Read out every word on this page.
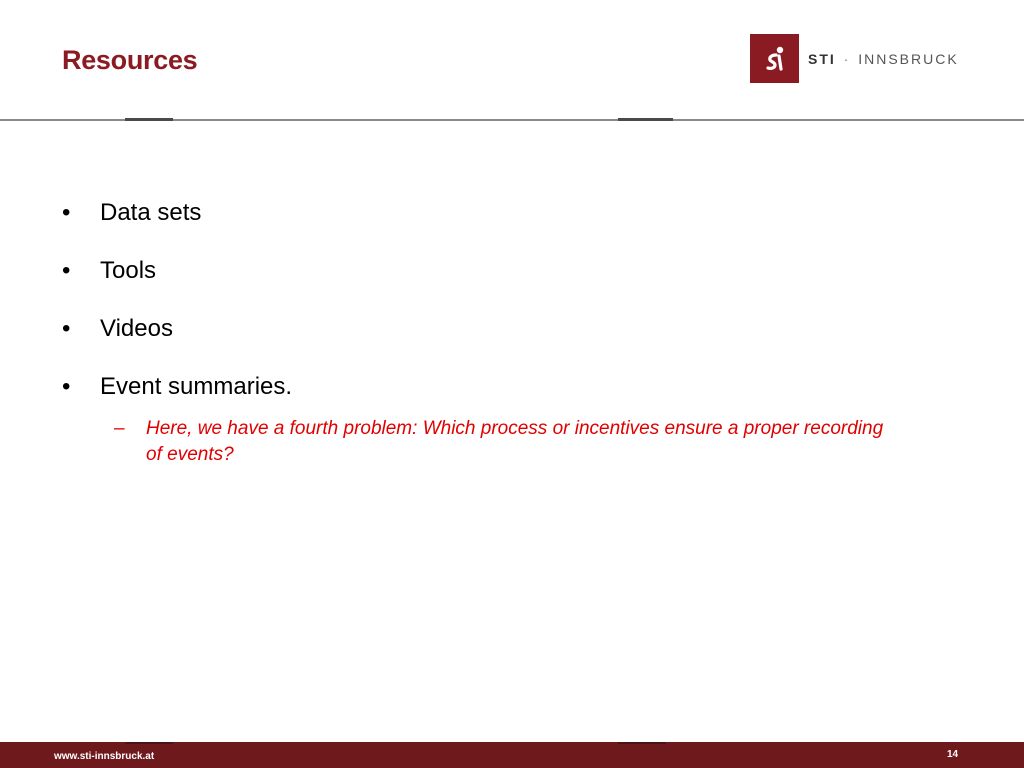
Resources	STI · INNSBRUCK
• Data sets
• Tools
• Videos
• Event summaries.
– Here, we have a fourth problem: Which process or incentives ensure a proper recording of events?
www.sti-innsbruck.at	14
